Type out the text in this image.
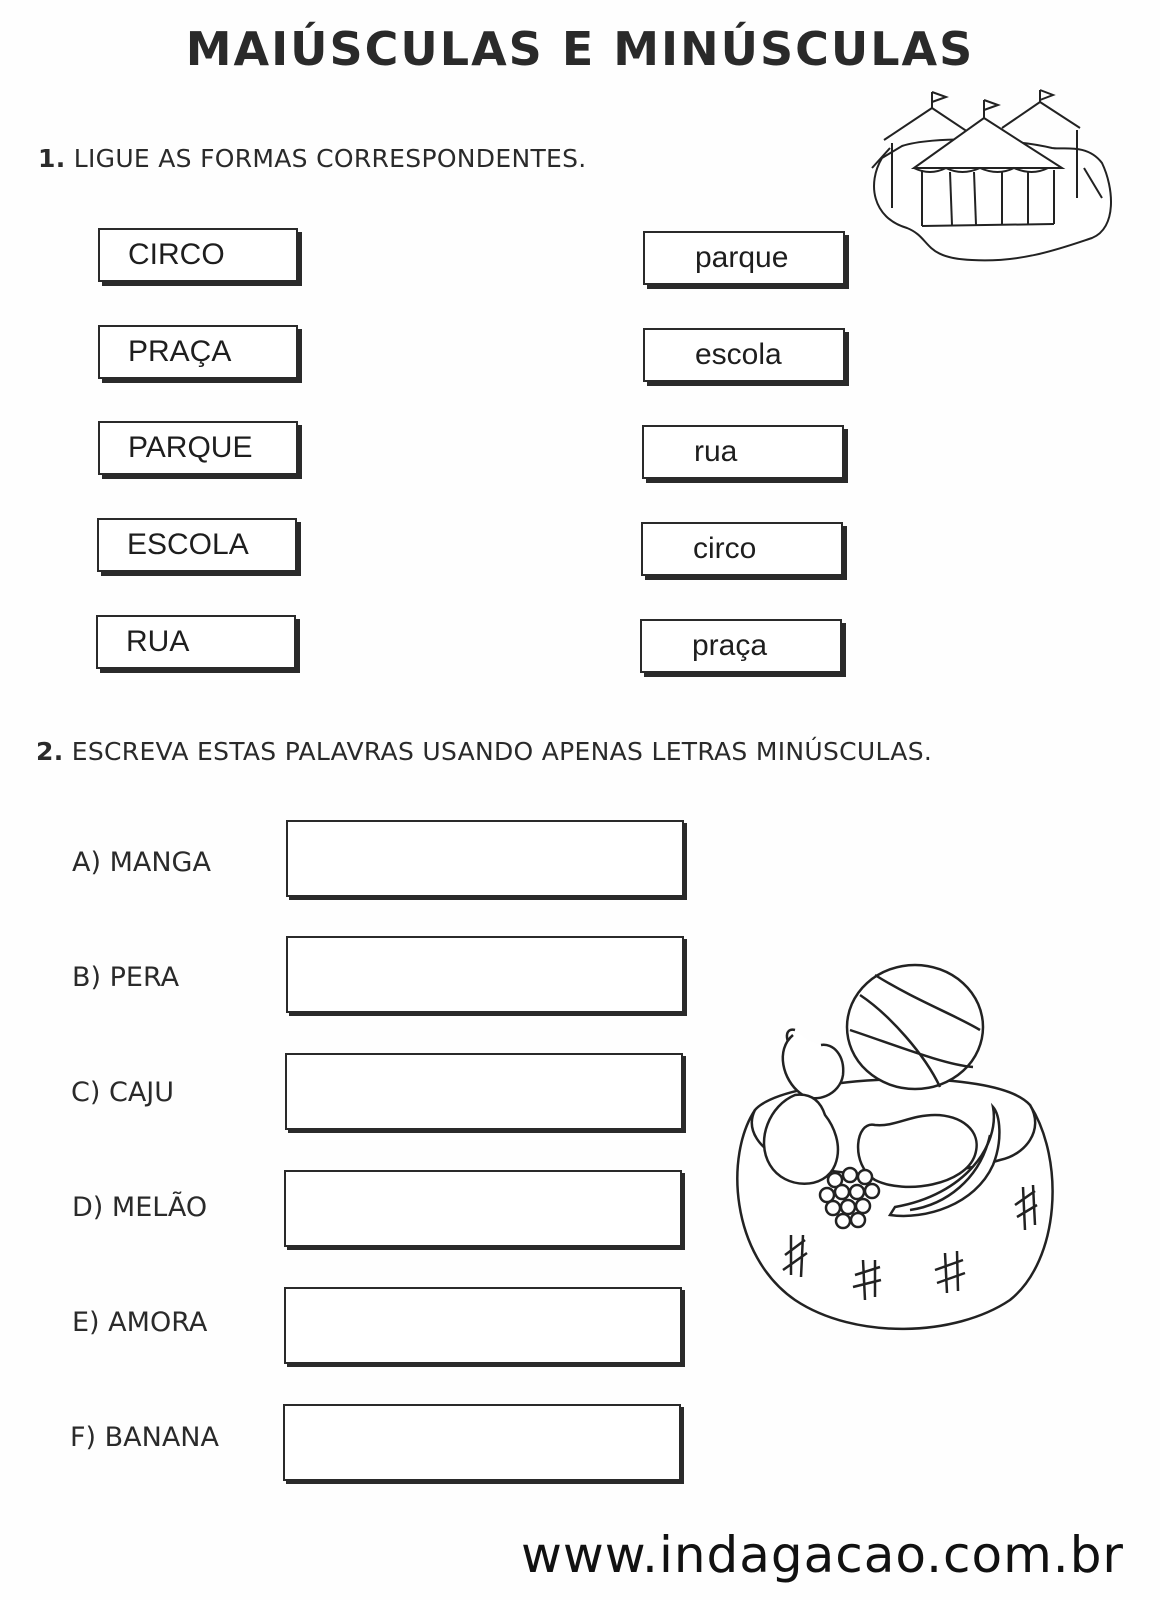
MAIÚSCULAS E MINÚSCULAS
1. LIGUE AS FORMAS CORRESPONDENTES.
CIRCO
PRAÇA
PARQUE
ESCOLA
RUA
parque
escola
rua
circo
praça
2. ESCREVA ESTAS PALAVRAS USANDO APENAS LETRAS MINÚSCULAS.
A) MANGA
B) PERA
C) CAJU
D) MELÃO
E) AMORA
F) BANANA
www.indagacao.com.br
